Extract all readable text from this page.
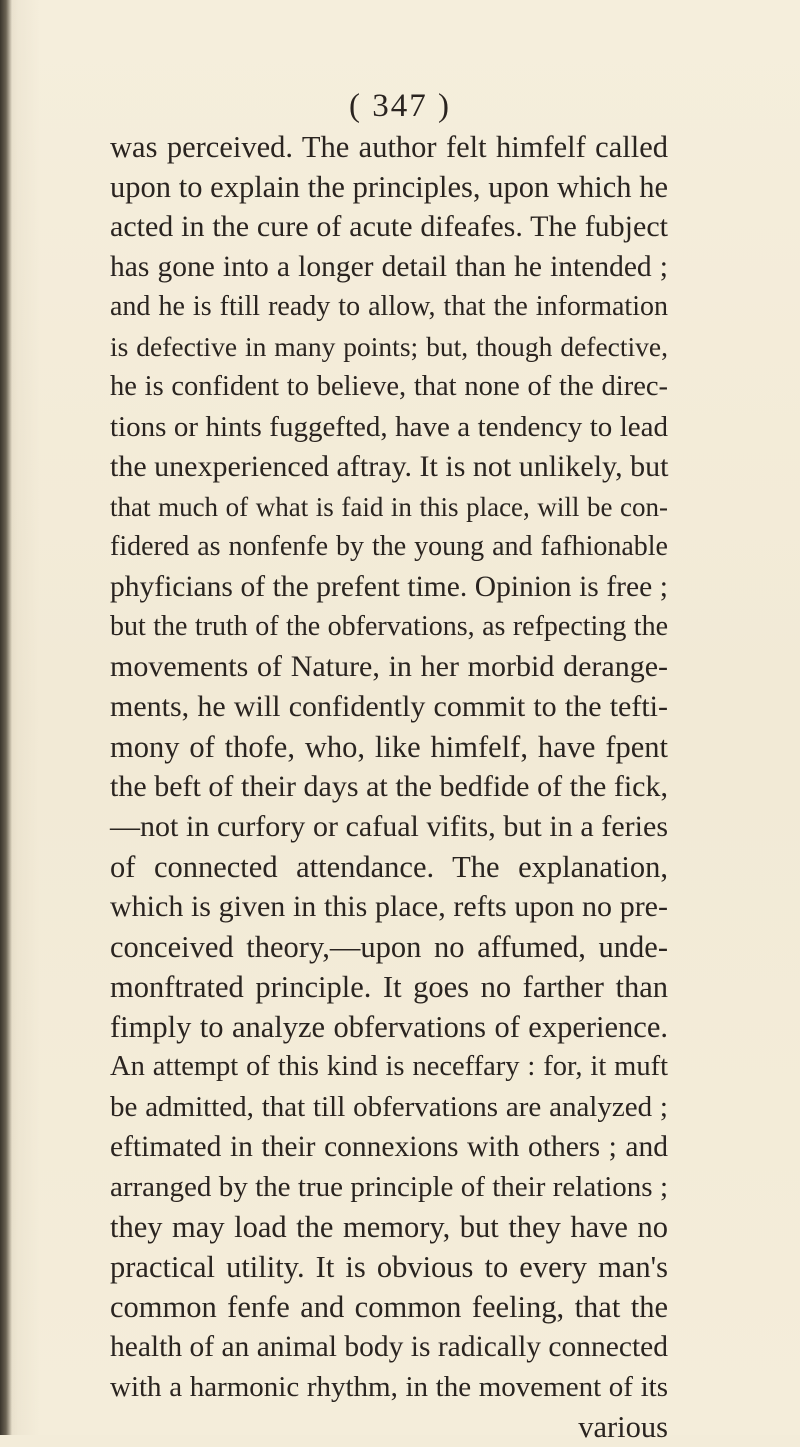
( 347 )

was perceived. The author felt himfelf called
upon to explain the principles, upon which he
acted in the cure of acute difeafes. The fubject
has gone into a longer detail than he intended ;
and he is ftill ready to allow, that the information
is defective in many points; but, though defective,
he is confident to believe, that none of the direc-
tions or hints fuggefted, have a tendency to lead
the unexperienced aftray. It is not unlikely, but
that much of what is faid in this place, will be con-
fidered as nonfenfe by the young and fafhionable
phyficians of the prefent time. Opinion is free ;
but the truth of the obfervations, as refpecting the
movements of Nature, in her morbid derange-
ments, he will confidently commit to the tefti-
mony of thofe, who, like himfelf, have fpent
the beft of their days at the bedfide of the fick,
—not in curfory or cafual vifits, but in a feries
of connected attendance. The explanation,
which is given in this place, refts upon no pre-
conceived theory,—upon no affumed, unde-
monftrated principle. It goes no farther than
fimply to analyze obfervations of experience.
An attempt of this kind is neceffary : for, it muft
be admitted, that till obfervations are analyzed ;
eftimated in their connexions with others ; and
arranged by the true principle of their relations ;
they may load the memory, but they have no
practical utility. It is obvious to every man's
common fenfe and common feeling, that the
health of an animal body is radically connected
with a harmonic rhythm, in the movement of its
various
